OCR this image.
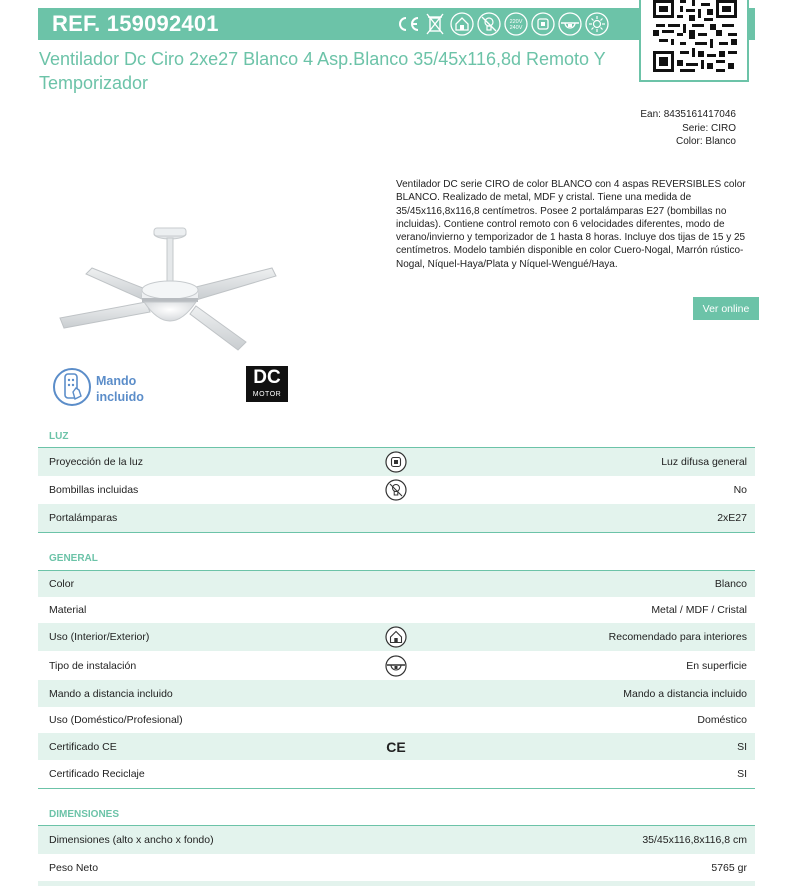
REF. 159092401	220V
240V
Ventilador Dc Ciro 2xe27 Blanco 4 Asp.Blanco 35/45x116,8d Remoto Y Temporizador
Ean: 8435161417046
Serie: CIRO
Color: Blanco
Ventilador DC serie CIRO de color BLANCO con 4 aspas REVERSIBLES color BLANCO. Realizado de metal, MDF y cristal. Tiene una medida de 35/45x116,8x116,8 centímetros. Posee 2 portalámparas E27 (bombillas no incluidas). Contiene control remoto con 6 velocidades diferentes, modo de verano/invierno y temporizador de 1 hasta 8 horas. Incluye dos tijas de 15 y 25 centímetros. Modelo también disponible en color Cuero-Nogal, Marrón rústico-Nogal, Níquel-Haya/Plata y Níquel-Wengué/Haya.
Ver online
Mando
incluido
DC
MOTOR
LUZ
Proyección de la luz	Luz difusa general
Bombillas incluidas	No
Portalámparas	2xE27
GENERAL
Color	Blanco
Material	Metal / MDF / Cristal
Uso (Interior/Exterior)	Recomendado para interiores
Tipo de instalación	En superficie
Mando a distancia incluido	Mando a distancia incluido
Uso (Doméstico/Profesional)	Doméstico
Certificado CE	CE	SI
Certificado Reciclaje	SI
DIMENSIONES
Dimensiones (alto x ancho x fondo)	35/45x116,8x116,8 cm
Peso Neto	5765 gr
